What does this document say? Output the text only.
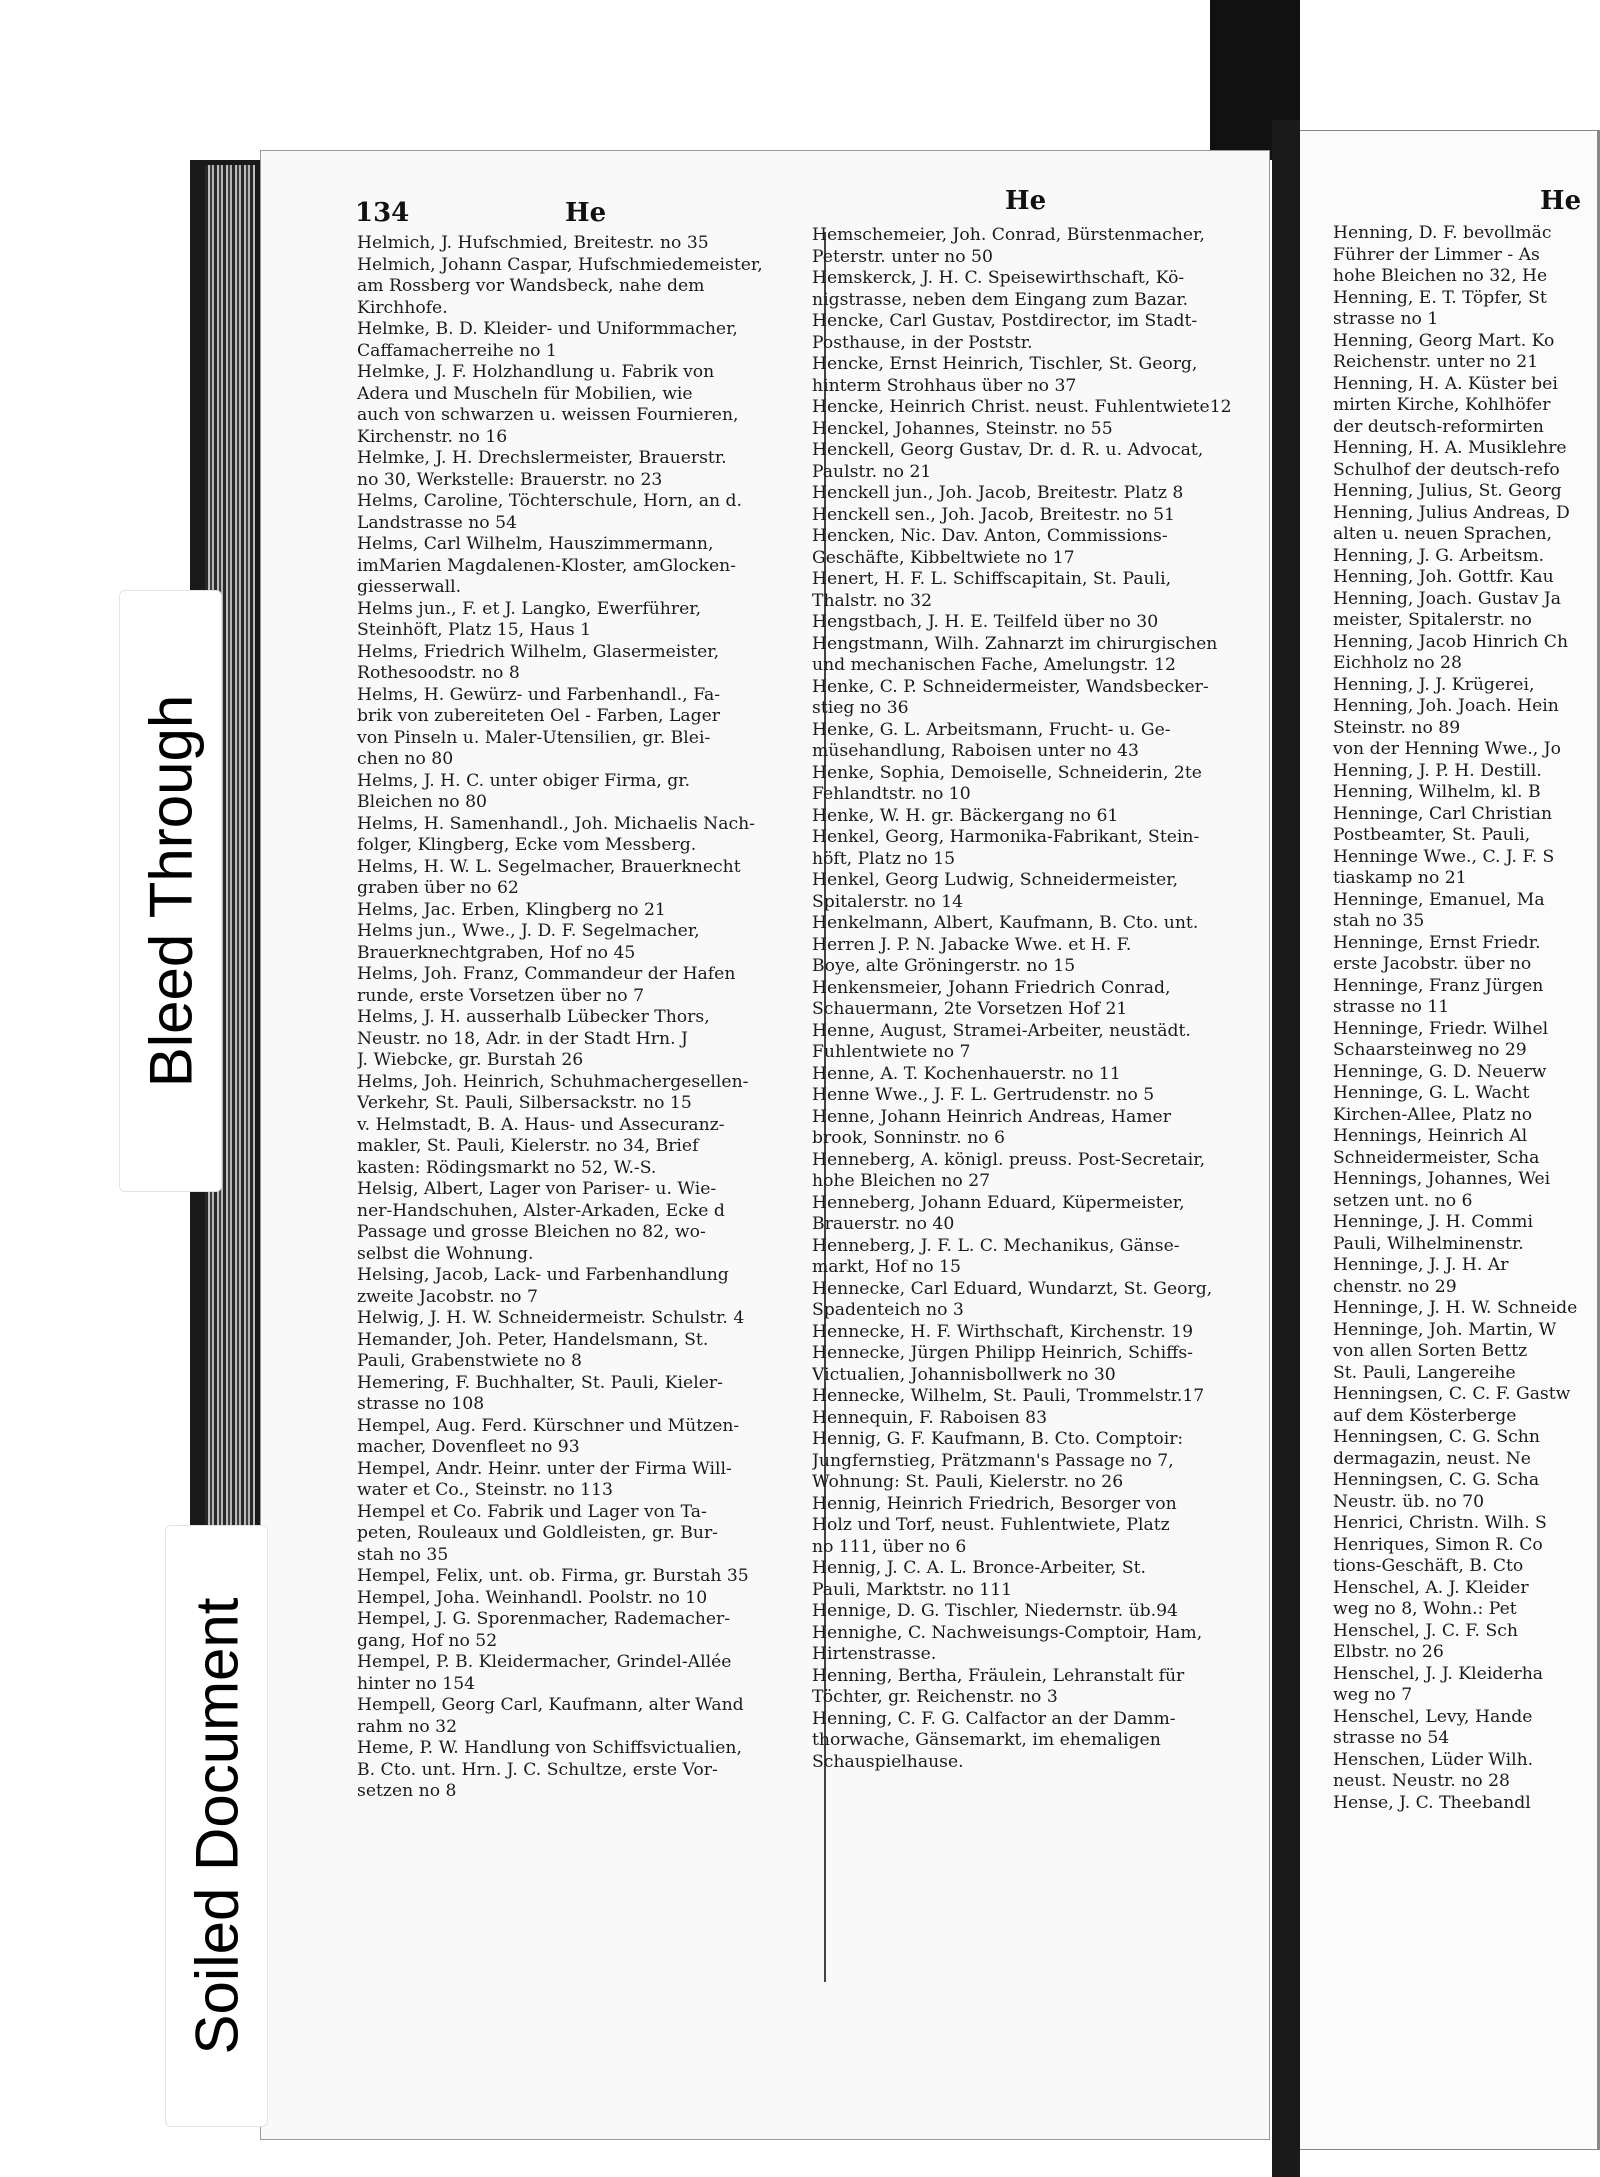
134	He	He	He
Helmich, J. Hufschmied, Breitestr. no 35
Helmich, Johann Caspar, Hufschmiedemeister,
am Rossberg vor Wandsbeck, nahe dem
Kirchhofe.
Helmke, B. D. Kleider- und Uniformmacher,
Caffamacherreihe no 1
Helmke, J. F. Holzhandlung u. Fabrik von
Adera und Muscheln für Mobilien, wie
auch von schwarzen u. weissen Fournieren,
Kirchenstr. no 16
Helmke, J. H. Drechslermeister, Brauerstr.
no 30, Werkstelle: Brauerstr. no 23
Helms, Caroline, Töchterschule, Horn, an d.
Landstrasse no 54
Helms, Carl Wilhelm, Hauszimmermann,
imMarien Magdalenen-Kloster, amGlocken-
giesserwall.
Helms jun., F. et J. Langko, Ewerführer,
Steinhöft, Platz 15, Haus 1
Helms, Friedrich Wilhelm, Glasermeister,
Rothesoodstr. no 8
Helms, H. Gewürz- und Farbenhandl., Fa-
brik von zubereiteten Oel - Farben, Lager
von Pinseln u. Maler-Utensilien, gr. Blei-
chen no 80
Helms, J. H. C. unter obiger Firma, gr.
Bleichen no 80
Helms, H. Samenhandl., Joh. Michaelis Nach-
folger, Klingberg, Ecke vom Messberg.
Helms, H. W. L. Segelmacher, Brauerknecht
graben über no 62
Helms, Jac. Erben, Klingberg no 21
Helms jun., Wwe., J. D. F. Segelmacher,
Brauerknechtgraben, Hof no 45
Helms, Joh. Franz, Commandeur der Hafen
runde, erste Vorsetzen über no 7
Helms, J. H. ausserhalb Lübecker Thors,
Neustr. no 18, Adr. in der Stadt Hrn. J
J. Wiebcke, gr. Burstah 26
Helms, Joh. Heinrich, Schuhmachergesellen-
Verkehr, St. Pauli, Silbersackstr. no 15
v. Helmstadt, B. A. Haus- und Assecuranz-
makler, St. Pauli, Kielerstr. no 34, Brief
kasten: Rödingsmarkt no 52, W.-S.
Helsig, Albert, Lager von Pariser- u. Wie-
ner-Handschuhen, Alster-Arkaden, Ecke d
Passage und grosse Bleichen no 82, wo-
selbst die Wohnung.
Helsing, Jacob, Lack- und Farbenhandlung
zweite Jacobstr. no 7
Helwig, J. H. W. Schneidermeistr. Schulstr. 4
Hemander, Joh. Peter, Handelsmann, St.
Pauli, Grabenstwiete no 8
Hemering, F. Buchhalter, St. Pauli, Kieler-
strasse no 108
Hempel, Aug. Ferd. Kürschner und Mützen-
macher, Dovenfleet no 93
Hempel, Andr. Heinr. unter der Firma Will-
water et Co., Steinstr. no 113
Hempel et Co. Fabrik und Lager von Ta-
peten, Rouleaux und Goldleisten, gr. Bur-
stah no 35
Hempel, Felix, unt. ob. Firma, gr. Burstah 35
Hempel, Joha. Weinhandl. Poolstr. no 10
Hempel, J. G. Sporenmacher, Rademacher-
gang, Hof no 52
Hempel, P. B. Kleidermacher, Grindel-Allée
hinter no 154
Hempell, Georg Carl, Kaufmann, alter Wand
rahm no 32
Heme, P. W. Handlung von Schiffsvictualien,
B. Cto. unt. Hrn. J. C. Schultze, erste Vor-
setzen no 8
Hemschemeier, Joh. Conrad, Bürstenmacher,
Peterstr. unter no 50
Hemskerck, J. H. C. Speisewirthschaft, Kö-
nigstrasse, neben dem Eingang zum Bazar.
Hencke, Carl Gustav, Postdirector, im Stadt-
Posthause, in der Poststr.
Hencke, Ernst Heinrich, Tischler, St. Georg,
hinterm Strohhaus über no 37
Hencke, Heinrich Christ. neust. Fuhlentwiete12
Henckel, Johannes, Steinstr. no 55
Henckell, Georg Gustav, Dr. d. R. u. Advocat,
Paulstr. no 21
Henckell jun., Joh. Jacob, Breitestr. Platz 8
Henckell sen., Joh. Jacob, Breitestr. no 51
Hencken, Nic. Dav. Anton, Commissions-
Geschäfte, Kibbeltwiete no 17
Henert, H. F. L. Schiffscapitain, St. Pauli,
Thalstr. no 32
Hengstbach, J. H. E. Teilfeld über no 30
Hengstmann, Wilh. Zahnarzt im chirurgischen
und mechanischen Fache, Amelungstr. 12
Henke, C. P. Schneidermeister, Wandsbecker-
stieg no 36
Henke, G. L. Arbeitsmann, Frucht- u. Ge-
müsehandlung, Raboisen unter no 43
Henke, Sophia, Demoiselle, Schneiderin, 2te
Fehlandtstr. no 10
Henke, W. H. gr. Bäckergang no 61
Henkel, Georg, Harmonika-Fabrikant, Stein-
höft, Platz no 15
Henkel, Georg Ludwig, Schneidermeister,
Spitalerstr. no 14
Henkelmann, Albert, Kaufmann, B. Cto. unt.
Herren J. P. N. Jabacke Wwe. et H. F.
Boye, alte Gröningerstr. no 15
Henkensmeier, Johann Friedrich Conrad,
Schauermann, 2te Vorsetzen Hof 21
Henne, August, Stramei-Arbeiter, neustädt.
Fuhlentwiete no 7
Henne, A. T. Kochenhauerstr. no 11
Henne Wwe., J. F. L. Gertrudenstr. no 5
Henne, Johann Heinrich Andreas, Hamer
brook, Sonninstr. no 6
Henneberg, A. königl. preuss. Post-Secretair,
hohe Bleichen no 27
Henneberg, Johann Eduard, Küpermeister,
Brauerstr. no 40
Henneberg, J. F. L. C. Mechanikus, Gänse-
markt, Hof no 15
Hennecke, Carl Eduard, Wundarzt, St. Georg,
Spadenteich no 3
Hennecke, H. F. Wirthschaft, Kirchenstr. 19
Hennecke, Jürgen Philipp Heinrich, Schiffs-
Victualien, Johannisbollwerk no 30
Hennecke, Wilhelm, St. Pauli, Trommelstr.17
Hennequin, F. Raboisen 83
Hennig, G. F. Kaufmann, B. Cto. Comptoir:
Jungfernstieg, Prätzmann's Passage no 7,
Wohnung: St. Pauli, Kielerstr. no 26
Hennig, Heinrich Friedrich, Besorger von
Holz und Torf, neust. Fuhlentwiete, Platz
no 111, über no 6
Hennig, J. C. A. L. Bronce-Arbeiter, St.
Pauli, Marktstr. no 111
Hennige, D. G. Tischler, Niedernstr. üb.94
Hennighe, C. Nachweisungs-Comptoir, Ham,
Hirtenstrasse.
Henning, Bertha, Fräulein, Lehranstalt für
Töchter, gr. Reichenstr. no 3
Henning, C. F. G. Calfactor an der Damm-
thorwache, Gänsemarkt, im ehemaligen
Schauspielhause.
Henning, D. F. bevollmäc
Führer der Limmer - As
hohe Bleichen no 32, He
Henning, E. T. Töpfer, St
strasse no 1
Henning, Georg Mart. Ko
Reichenstr. unter no 21
Henning, H. A. Küster bei
mirten Kirche, Kohlhöfer
der deutsch-reformirten
Henning, H. A. Musiklehre
Schulhof der deutsch-refo
Henning, Julius, St. Georg
Henning, Julius Andreas, D
alten u. neuen Sprachen,
Henning, J. G. Arbeitsm.
Henning, Joh. Gottfr. Kau
Henning, Joach. Gustav Ja
meister, Spitalerstr. no
Henning, Jacob Hinrich Ch
Eichholz no 28
Henning, J. J. Krügerei,
Henning, Joh. Joach. Hein
Steinstr. no 89
von der Henning Wwe., Jo
Henning, J. P. H. Destill.
Henning, Wilhelm, kl. B
Henninge, Carl Christian
Postbeamter, St. Pauli,
Henninge Wwe., C. J. F. S
tiaskamp no 21
Henninge, Emanuel, Ma
stah no 35
Henninge, Ernst Friedr.
erste Jacobstr. über no
Henninge, Franz Jürgen
strasse no 11
Henninge, Friedr. Wilhel
Schaarsteinweg no 29
Henninge, G. D. Neuerw
Henninge, G. L. Wacht
Kirchen-Allee, Platz no
Hennings, Heinrich Al
Schneidermeister, Scha
Hennings, Johannes, Wei
setzen unt. no 6
Henninge, J. H. Commi
Pauli, Wilhelminenstr.
Henninge, J. J. H. Ar
chenstr. no 29
Henninge, J. H. W. Schneide
Henninge, Joh. Martin, W
von allen Sorten Bettz
St. Pauli, Langereihe
Henningsen, C. C. F. Gastw
auf dem Kösterberge
Henningsen, C. G. Schn
dermagazin, neust. Ne
Henningsen, C. G. Scha
Neustr. üb. no 70
Henrici, Christn. Wilh. S
Henriques, Simon R. Co
tions-Geschäft, B. Cto
Henschel, A. J. Kleider
weg no 8, Wohn.: Pet
Henschel, J. C. F. Sch
Elbstr. no 26
Henschel, J. J. Kleiderha
weg no 7
Henschel, Levy, Hande
strasse no 54
Henschen, Lüder Wilh.
neust. Neustr. no 28
Hense, J. C. Theebandl
Bleed Through
Soiled Document
